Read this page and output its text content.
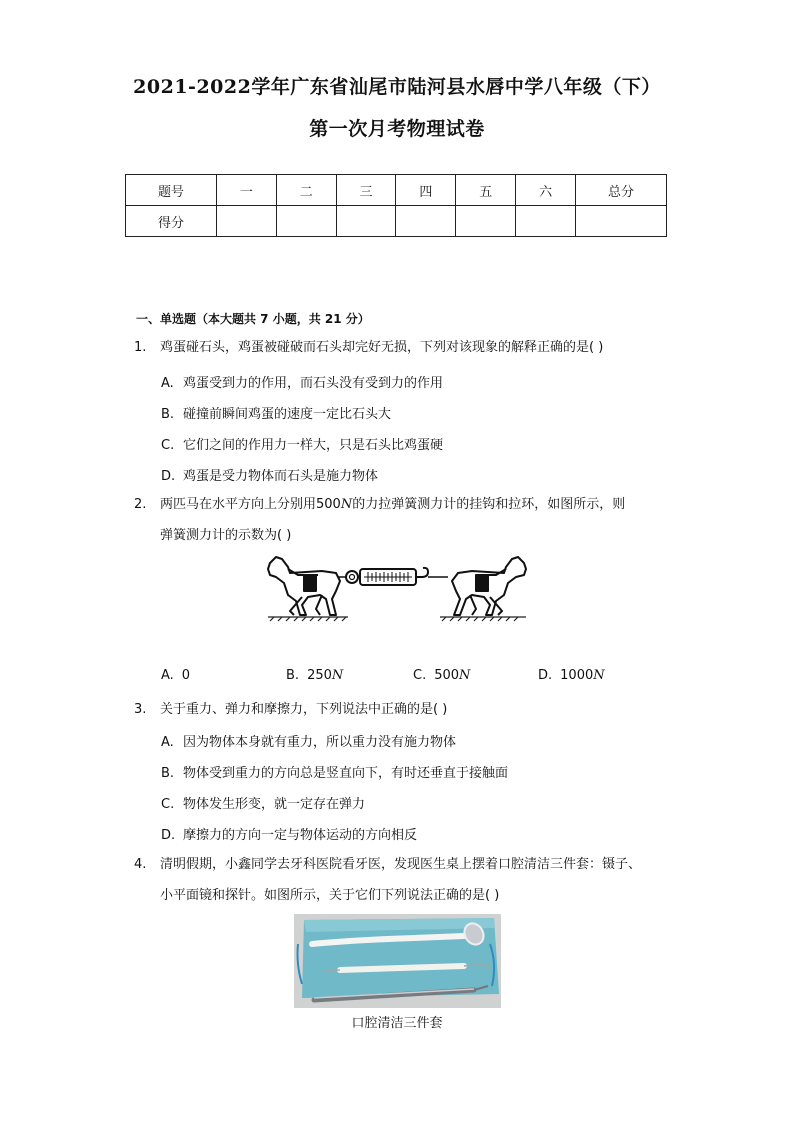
2021-2022学年广东省汕尾市陆河县水唇中学八年级（下）
第一次月考物理试卷
题号	一	二	三	四	五	六	总分
得分							
一、单选题（本大题共 7 小题，共 21 分）
1. 鸡蛋碰石头，鸡蛋被碰破而石头却完好无损，下列对该现象的解释正确的是( )
A. 鸡蛋受到力的作用，而石头没有受到力的作用
B. 碰撞前瞬间鸡蛋的速度一定比石头大
C. 它们之间的作用力一样大，只是石头比鸡蛋硬
D. 鸡蛋是受力物体而石头是施力物体
2. 两匹马在水平方向上分别用500N的力拉弹簧测力计的挂钩和拉环，如图所示，则
弹簧测力计的示数为( )
A. 0	B. 250N	C. 500N	D. 1000N
3. 关于重力、弹力和摩擦力，下列说法中正确的是( )
A. 因为物体本身就有重力，所以重力没有施力物体
B. 物体受到重力的方向总是竖直向下，有时还垂直于接触面
C. 物体发生形变，就一定存在弹力
D. 摩擦力的方向一定与物体运动的方向相反
4. 清明假期，小鑫同学去牙科医院看牙医，发现医生桌上摆着口腔清洁三件套：镊子、
小平面镜和探针。如图所示，关于它们下列说法正确的是( )
口腔清洁三件套
